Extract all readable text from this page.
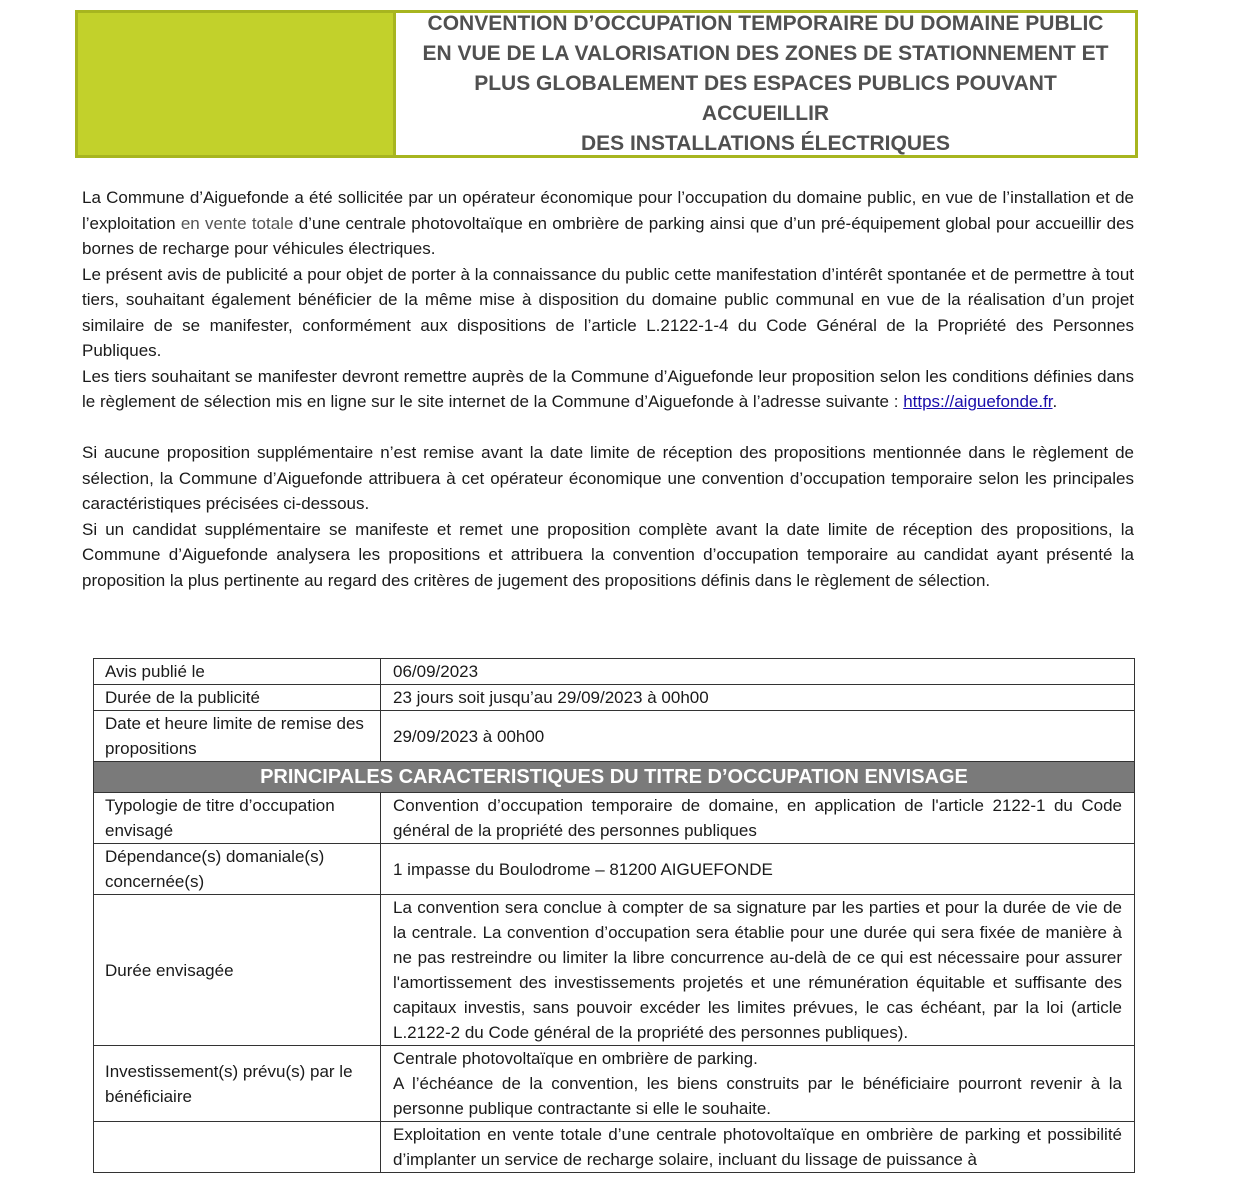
CONVENTION D’OCCUPATION TEMPORAIRE DU DOMAINE PUBLIC
EN VUE DE LA VALORISATION DES ZONES DE STATIONNEMENT ET
PLUS GLOBALEMENT DES ESPACES PUBLICS POUVANT ACCUEILLIR
DES INSTALLATIONS ÉLECTRIQUES

La Commune d’Aiguefonde a été sollicitée par un opérateur économique pour l’occupation du domaine public, en vue de l’installation et de l’exploitation en vente totale d’une centrale photovoltaïque en ombrière de parking ainsi que d’un pré-équipement global pour accueillir des bornes de recharge pour véhicules électriques.

Le présent avis de publicité a pour objet de porter à la connaissance du public cette manifestation d’intérêt spontanée et de permettre à tout tiers, souhaitant également bénéficier de la même mise à disposition du domaine public communal en vue de la réalisation d’un projet similaire de se manifester, conformément aux dispositions de l’article L.2122-1-4 du Code Général de la Propriété des Personnes Publiques.

Les tiers souhaitant se manifester devront remettre auprès de la Commune d’Aiguefonde leur proposition selon les conditions définies dans le règlement de sélection mis en ligne sur le site internet de la Commune d’Aiguefonde à l’adresse suivante : https://aiguefonde.fr.

Si aucune proposition supplémentaire n’est remise avant la date limite de réception des propositions mentionnée dans le règlement de sélection, la Commune d’Aiguefonde attribuera à cet opérateur économique une convention d’occupation temporaire selon les principales caractéristiques précisées ci-dessous.

Si un candidat supplémentaire se manifeste et remet une proposition complète avant la date limite de réception des propositions, la Commune d’Aiguefonde analysera les propositions et attribuera la convention d’occupation temporaire au candidat ayant présenté la proposition la plus pertinente au regard des critères de jugement des propositions définis dans le règlement de sélection.

Avis publié le	06/09/2023
Durée de la publicité	23 jours soit jusqu’au 29/09/2023 à 00h00
Date et heure limite de remise des propositions	29/09/2023 à 00h00
PRINCIPALES CARACTERISTIQUES DU TITRE D’OCCUPATION ENVISAGE	
Typologie de titre d’occupation envisagé	Convention d’occupation temporaire de domaine, en application de l'article 2122-1 du Code général de la propriété des personnes publiques
Dépendance(s) domaniale(s) concernée(s)	1 impasse du Boulodrome – 81200 AIGUEFONDE
Durée envisagée	La convention sera conclue à compter de sa signature par les parties et pour la durée de vie de la centrale. La convention d’occupation sera établie pour une durée qui sera fixée de manière à ne pas restreindre ou limiter la libre concurrence au-delà de ce qui est nécessaire pour assurer l'amortissement des investissements projetés et une rémunération équitable et suffisante des capitaux investis, sans pouvoir excéder les limites prévues, le cas échéant, par la loi (article L.2122-2 du Code général de la propriété des personnes publiques).
Investissement(s) prévu(s) par le bénéficiaire	Centrale photovoltaïque en ombrière de parking.

A l’échéance de la convention, les biens construits par le bénéficiaire pourront revenir à la personne publique contractante si elle le souhaite.

	Exploitation en vente totale d’une centrale photovoltaïque en ombrière de parking et possibilité d’implanter un service de recharge solaire, incluant du lissage de puissance à
